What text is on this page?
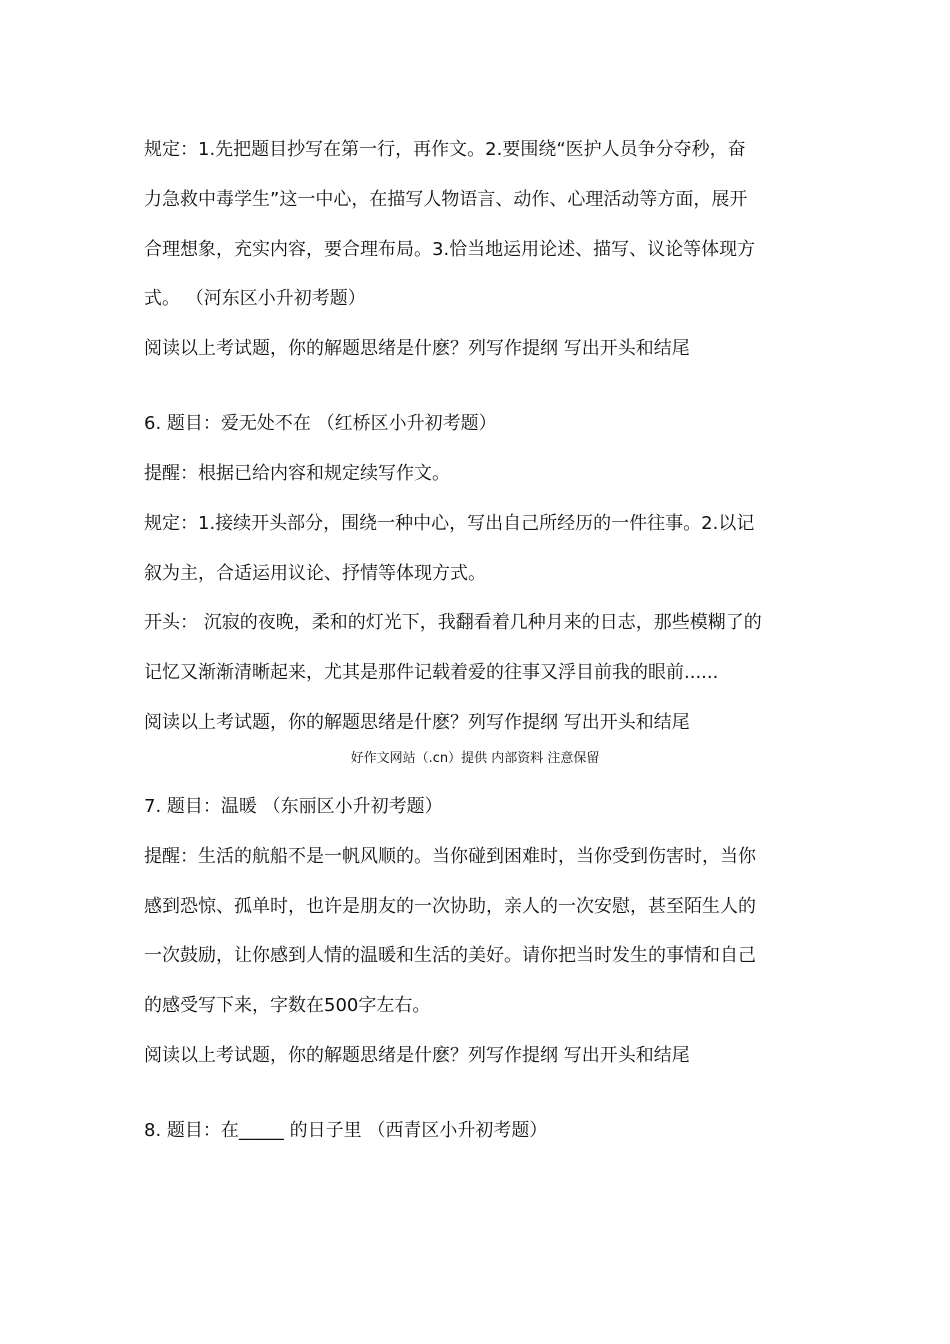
规定：1.先把题目抄写在第一行，再作文。2.要围绕“医护人员争分夺秒，奋

力急救中毒学生”这一中心，在描写人物语言、动作、心理活动等方面，展开

合理想象，充实内容，要合理布局。3.恰当地运用论述、描写、议论等体现方

式。 （河东区小升初考题）

阅读以上考试题，你的解题思绪是什麽？列写作提纲 写出开头和结尾

6. 题目：爱无处不在 （红桥区小升初考题）

提醒：根据已给内容和规定续写作文。

规定：1.接续开头部分，围绕一种中心，写出自己所经历的一件往事。2.以记

叙为主，合适运用议论、抒情等体现方式。

开头： 沉寂的夜晚，柔和的灯光下，我翻看着几种月来的日志，那些模糊了的

记忆又渐渐清晰起来，尤其是那件记载着爱的往事又浮目前我的眼前......

阅读以上考试题，你的解题思绪是什麽？列写作提纲 写出开头和结尾

好作文网站（.cn）提供 内部资料 注意保留

7. 题目：温暖 （东丽区小升初考题）

提醒：生活的航船不是一帆风顺的。当你碰到困难时，当你受到伤害时，当你

感到恐惊、孤单时，也许是朋友的一次协助，亲人的一次安慰，甚至陌生人的

一次鼓励，让你感到人情的温暖和生活的美好。请你把当时发生的事情和自己

的感受写下来，字数在500字左右。

阅读以上考试题，你的解题思绪是什麽？列写作提纲 写出开头和结尾

8. 题目：在_____ 的日子里 （西青区小升初考题）
